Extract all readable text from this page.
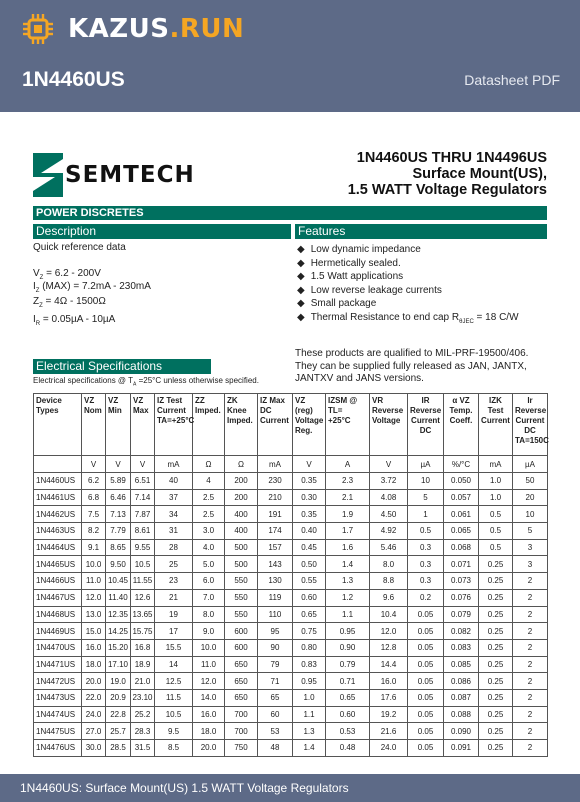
KAZUS.RUN
1N4460US	Datasheet PDF
SEMTECH
1N4460US THRU 1N4496US
Surface Mount(US),
1.5 WATT Voltage Regulators
POWER DISCRETES
Description	Features
Quick reference data
$V_Z = 6.2 - 200V$
$I_Z$ (MAX) = 7.2mA - 230mA
$Z_Z = 4\Omega - 1500\Omega$
$I_R = 0.05\mu A - 10\mu A$
◆ Low dynamic impedance
◆ Hermetically sealed.
◆ 1.5 Watt applications
◆ Low reverse leakage currents
◆ Small package
◆ Thermal Resistance to end cap $R_{\theta JEC} = 18$ C/W
These products are qualified to MIL-PRF-19500/406. They can be supplied fully released as JAN, JANTX, JANTXV and JANS versions.
Electrical Specifications
Electrical specifications @ $T_A =25^\circ C$ unless otherwise specified.
Device Types	VZ Nom	VZ Min	VZ Max	IZ Test Current TA=+25°C	ZZ Imped.	ZK Knee Imped.	IZ Max DC Current	VZ (reg) Voltage Reg.	IZSM @ TL= +25°C	VR Reverse Voltage	IR Reverse Current DC	α VZ Temp. Coeff.	IZK Test Current	Ir Reverse Current DC TA=150C
	V	V	V	mA	Ω	Ω	mA	V	A	V	µA	%/°C	mA	µA
1N4460US	6.2	5.89	6.51	40	4	200	230	0.35	2.3	3.72	10	0.050	1.0	50
1N4461US	6.8	6.46	7.14	37	2.5	200	210	0.30	2.1	4.08	5	0.057	1.0	20
1N4462US	7.5	7.13	7.87	34	2.5	400	191	0.35	1.9	4.50	1	0.061	0.5	10
1N4463US	8.2	7.79	8.61	31	3.0	400	174	0.40	1.7	4.92	0.5	0.065	0.5	5
1N4464US	9.1	8.65	9.55	28	4.0	500	157	0.45	1.6	5.46	0.3	0.068	0.5	3
1N4465US	10.0	9.50	10.5	25	5.0	500	143	0.50	1.4	8.0	0.3	0.071	0.25	3
1N4466US	11.0	10.45	11.55	23	6.0	550	130	0.55	1.3	8.8	0.3	0.073	0.25	2
1N4467US	12.0	11.40	12.6	21	7.0	550	119	0.60	1.2	9.6	0.2	0.076	0.25	2
1N4468US	13.0	12.35	13.65	19	8.0	550	110	0.65	1.1	10.4	0.05	0.079	0.25	2
1N4469US	15.0	14.25	15.75	17	9.0	600	95	0.75	0.95	12.0	0.05	0.082	0.25	2
1N4470US	16.0	15.20	16.8	15.5	10.0	600	90	0.80	0.90	12.8	0.05	0.083	0.25	2
1N4471US	18.0	17.10	18.9	14	11.0	650	79	0.83	0.79	14.4	0.05	0.085	0.25	2
1N4472US	20.0	19.0	21.0	12.5	12.0	650	71	0.95	0.71	16.0	0.05	0.086	0.25	2
1N4473US	22.0	20.9	23.10	11.5	14.0	650	65	1.0	0.65	17.6	0.05	0.087	0.25	2
1N4474US	24.0	22.8	25.2	10.5	16.0	700	60	1.1	0.60	19.2	0.05	0.088	0.25	2
1N4475US	27.0	25.7	28.3	9.5	18.0	700	53	1.3	0.53	21.6	0.05	0.090	0.25	2
1N4476US	30.0	28.5	31.5	8.5	20.0	750	48	1.4	0.48	24.0	0.05	0.091	0.25	2
1N4460US: Surface Mount(US) 1.5 WATT Voltage Regulators
